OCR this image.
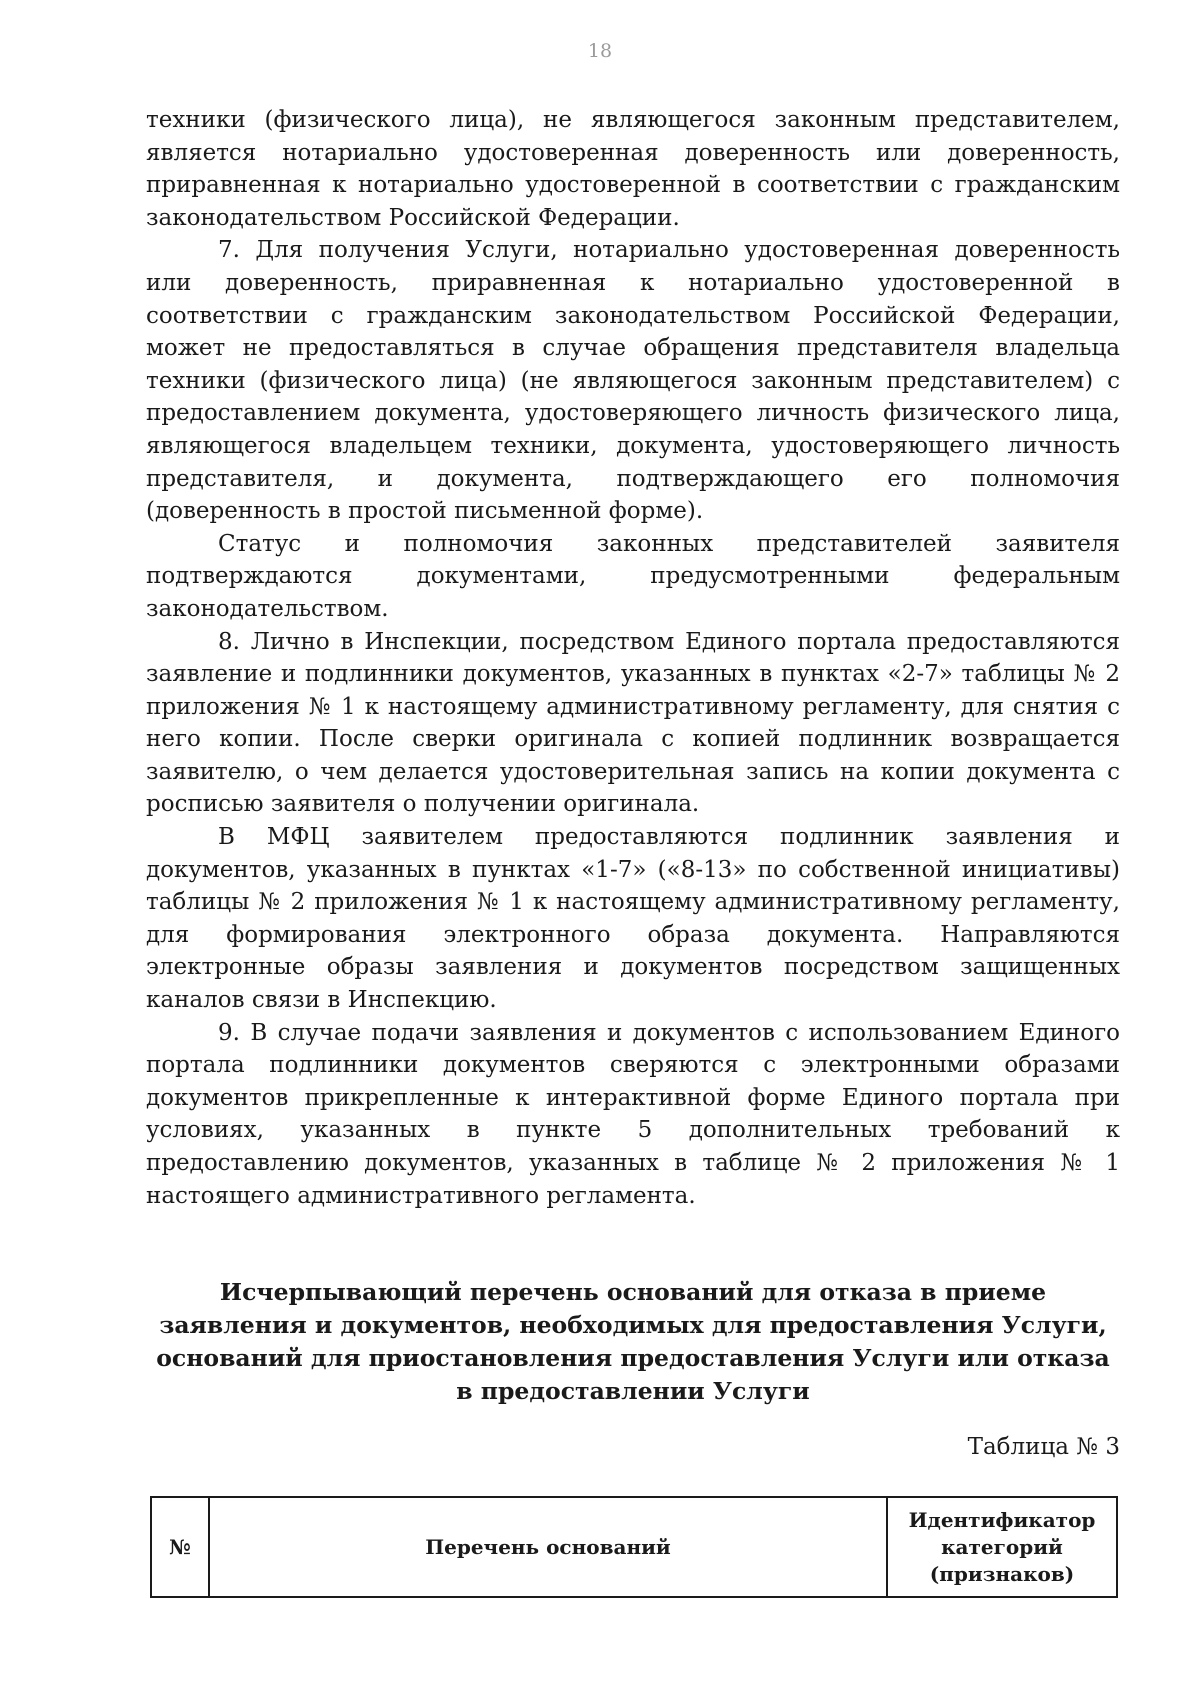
18

техники (физического лица), не являющегося законным представителем, является нотариально удостоверенная доверенность или доверенность, приравненная к нотариально удостоверенной в соответствии с гражданским законодательством Российской Федерации.

7. Для получения Услуги, нотариально удостоверенная доверенность или доверенность, приравненная к нотариально удостоверенной в соответствии с гражданским законодательством Российской Федерации, может не предоставляться в случае обращения представителя владельца техники (физического лица) (не являющегося законным представителем) с предоставлением документа, удостоверяющего личность физического лица, являющегося владельцем техники, документа, удостоверяющего личность представителя, и документа, подтверждающего его полномочия (доверенность в простой письменной форме).

Статус и полномочия законных представителей заявителя подтверждаются документами, предусмотренными федеральным законодательством.

8. Лично в Инспекции, посредством Единого портала предоставляются заявление и подлинники документов, указанных в пунктах «2-7» таблицы № 2 приложения № 1 к настоящему административному регламенту, для снятия с него копии. После сверки оригинала с копией подлинник возвращается заявителю, о чем делается удостоверительная запись на копии документа с росписью заявителя о получении оригинала.

В МФЦ заявителем предоставляются подлинник заявления и документов, указанных в пунктах «1-7» («8-13» по собственной инициативы) таблицы № 2 приложения № 1 к настоящему административному регламенту, для формирования электронного образа документа. Направляются электронные образы заявления и документов посредством защищенных каналов связи в Инспекцию.

9. В случае подачи заявления и документов с использованием Единого портала подлинники документов сверяются с электронными образами документов прикрепленные к интерактивной форме Единого портала при условиях, указанных в пункте 5 дополнительных требований к предоставлению документов, указанных в таблице № 2 приложения № 1 настоящего административного регламента.

Исчерпывающий перечень оснований для отказа в приеме заявления и документов, необходимых для предоставления Услуги, оснований для приостановления предоставления Услуги или отказа в предоставлении Услуги
Таблица № 3
№	Перечень оснований	Идентификатор категорий (признаков)
